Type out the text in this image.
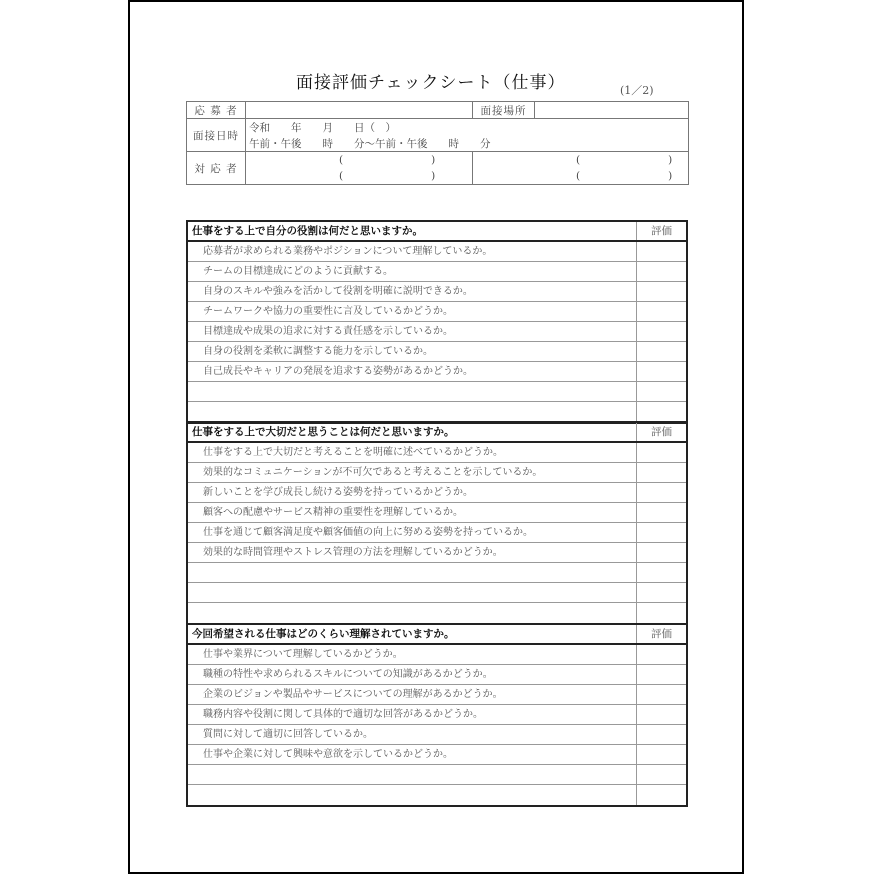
面接評価チェックシート（仕事）	(1／2)
応 募 者		面接場所	
面接日時	令和　　年　　月　　日（　）		
	午前・午後　　時　　分〜午前・午後　　時　　分		
対 応 者	( )	( )	
	( )	( )	
仕事をする上で自分の役割は何だと思いますか。	評価
応募者が求められる業務やポジションについて理解しているか。
チームの目標達成にどのように貢献する。
自身のスキルや強みを活かして役割を明確に説明できるか。
チームワークや協力の重要性に言及しているかどうか。
目標達成や成果の追求に対する責任感を示しているか。
自身の役割を柔軟に調整する能力を示しているか。
自己成長やキャリアの発展を追求する姿勢があるかどうか。
仕事をする上で大切だと思うことは何だと思いますか。	評価
仕事をする上で大切だと考えることを明確に述べているかどうか。
効果的なコミュニケーションが不可欠であると考えることを示しているか。
新しいことを学び成長し続ける姿勢を持っているかどうか。
顧客への配慮やサービス精神の重要性を理解しているか。
仕事を通じて顧客満足度や顧客価値の向上に努める姿勢を持っているか。
効果的な時間管理やストレス管理の方法を理解しているかどうか。
今回希望される仕事はどのくらい理解されていますか。	評価
仕事や業界について理解しているかどうか。
職種の特性や求められるスキルについての知識があるかどうか。
企業のビジョンや製品やサービスについての理解があるかどうか。
職務内容や役割に関して具体的で適切な回答があるかどうか。
質問に対して適切に回答しているか。
仕事や企業に対して興味や意欲を示しているかどうか。
